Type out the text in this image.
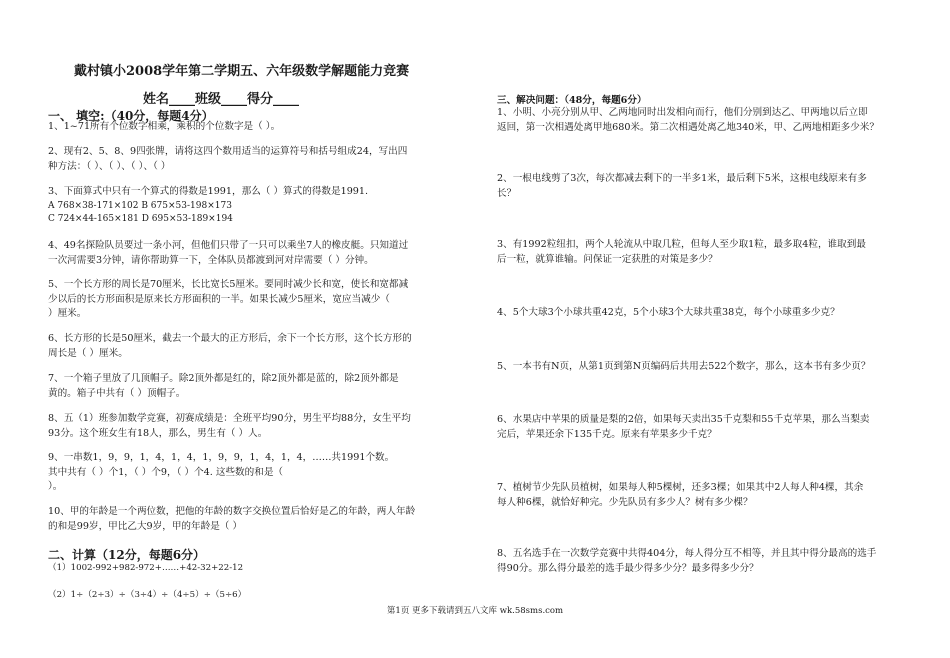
戴村镇小2008学年第二学期五、六年级数学解题能力竞赛
姓名____班级____得分____
一、 填空:（40分，每题4分）
1、1~71所有个位数字相乘，乘积的个位数字是（ ）。
2、现有2、5、8、9四张牌，请将这四个数用适当的运算符号和括号组成24，写出四
种方法：（ ）、（ ）、（ ）、（ ）
3、下面算式中只有一个算式的得数是1991，那么（ ）算式的得数是1991.
A 768×38-171×102 B 675×53-198×173
C 724×44-165×181 D 695×53-189×194
4、49名探险队员要过一条小河，但他们只带了一只可以乘坐7人的橡皮艇。只知道过
一次河需要3分钟，请你帮助算一下，全体队员都渡到河对岸需要（ ）分钟。
5、一个长方形的周长是70厘米，长比宽长5厘米。要同时减少长和宽，使长和宽都减
少以后的长方形面积是原来长方形面积的一半。如果长减少5厘米，宽应当减少（
）厘米。
6、长方形的长是50厘米，截去一个最大的正方形后，余下一个长方形，这个长方形的
周长是（ ）厘米。
7、一个箱子里放了几顶帽子。除2顶外都是红的，除2顶外都是蓝的，除2顶外都是
黄的。箱子中共有（ ）顶帽子。
8、五（1）班参加数学竞赛，初赛成绩是：全班平均90分，男生平均88分，女生平均
93分。这个班女生有18人，那么，男生有（ ）人。
9、一串数1，9，9，1，4，1，4，1，9，9，1，4，1，4，……共1991个数。
其中共有（ ）个1，（ ）个9，（ ）个4. 这些数的和是（
）。
10、甲的年龄是一个两位数，把他的年龄的数字交换位置后恰好是乙的年龄，两人年龄
的和是99岁，甲比乙大9岁，甲的年龄是（ ）
二、计算（12分，每题6分）
（1）1002-992+982-972+……+42-32+22-12
（2）1÷（2÷3）÷（3÷4）÷（4÷5）÷（5÷6）
三、解决问题：（48分，每题6分）
1、小明、小亮分别从甲、乙两地同时出发相向而行，他们分别到达乙、甲两地以后立即
返回，第一次相遇处离甲地680米。第二次相遇处离乙地340米，甲、乙两地相距多少米？
2、一根电线剪了3次，每次都减去剩下的一半多1米，最后剩下5米，这根电线原来有多
长？
3、有1992粒纽扣，两个人轮流从中取几粒，但每人至少取1粒，最多取4粒，谁取到最
后一粒，就算谁输。问保证一定获胜的对策是多少？
4、5个大球3个小球共重42克，5个小球3个大球共重38克，每个小球重多少克？
5、一本书有N页，从第1页到第N页编码后共用去522个数字，那么，这本书有多少页？
6、水果店中苹果的质量是梨的2倍，如果每天卖出35千克梨和55千克苹果，那么当梨卖
完后，苹果还余下135千克。原来有苹果多少千克？
7、植树节少先队员植树，如果每人种5棵树，还多3棵；如果其中2人每人种4棵，其余
每人种6棵，就恰好种完。少先队员有多少人？树有多少棵？
8、五名选手在一次数学竞赛中共得404分，每人得分互不相等，并且其中得分最高的选手
得90分。那么得分最差的选手最少得多少分？最多得多少分？
第1页 更多下载请到五八文库 wk.58sms.com
